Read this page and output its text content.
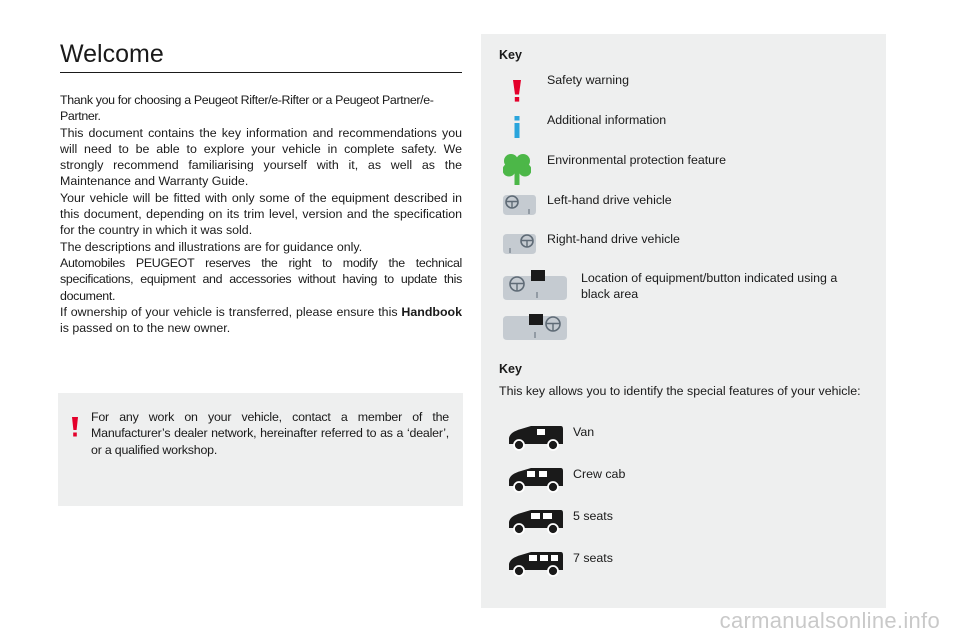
Welcome

Thank you for choosing a Peugeot Rifter/e-Rifter or a Peugeot Partner/e-Partner.

This document contains the key information and recommendations you will need to be able to explore your vehicle in complete safety. We strongly recommend familiarising yourself with it, as well as the Maintenance and Warranty Guide.

Your vehicle will be fitted with only some of the equipment described in this document, depending on its trim level, version and the specification for the country in which it was sold.

The descriptions and illustrations are for guidance only.

Automobiles PEUGEOT reserves the right to modify the technical specifications, equipment and accessories without having to update this document.

If ownership of your vehicle is transferred, please ensure this Handbook is passed on to the new owner.

For any work on your vehicle, contact a member of the Manufacturer’s dealer network, hereinafter referred to as a ‘dealer’, or a qualified workshop.
Key
Safety warning
Additional information
Environmental protection feature
Left-hand drive vehicle
Right-hand drive vehicle
Location of equipment/button indicated using a black area
Key
This key allows you to identify the special features of your vehicle:
Van
Crew cab
5 seats
7 seats
carmanualsonline.info
